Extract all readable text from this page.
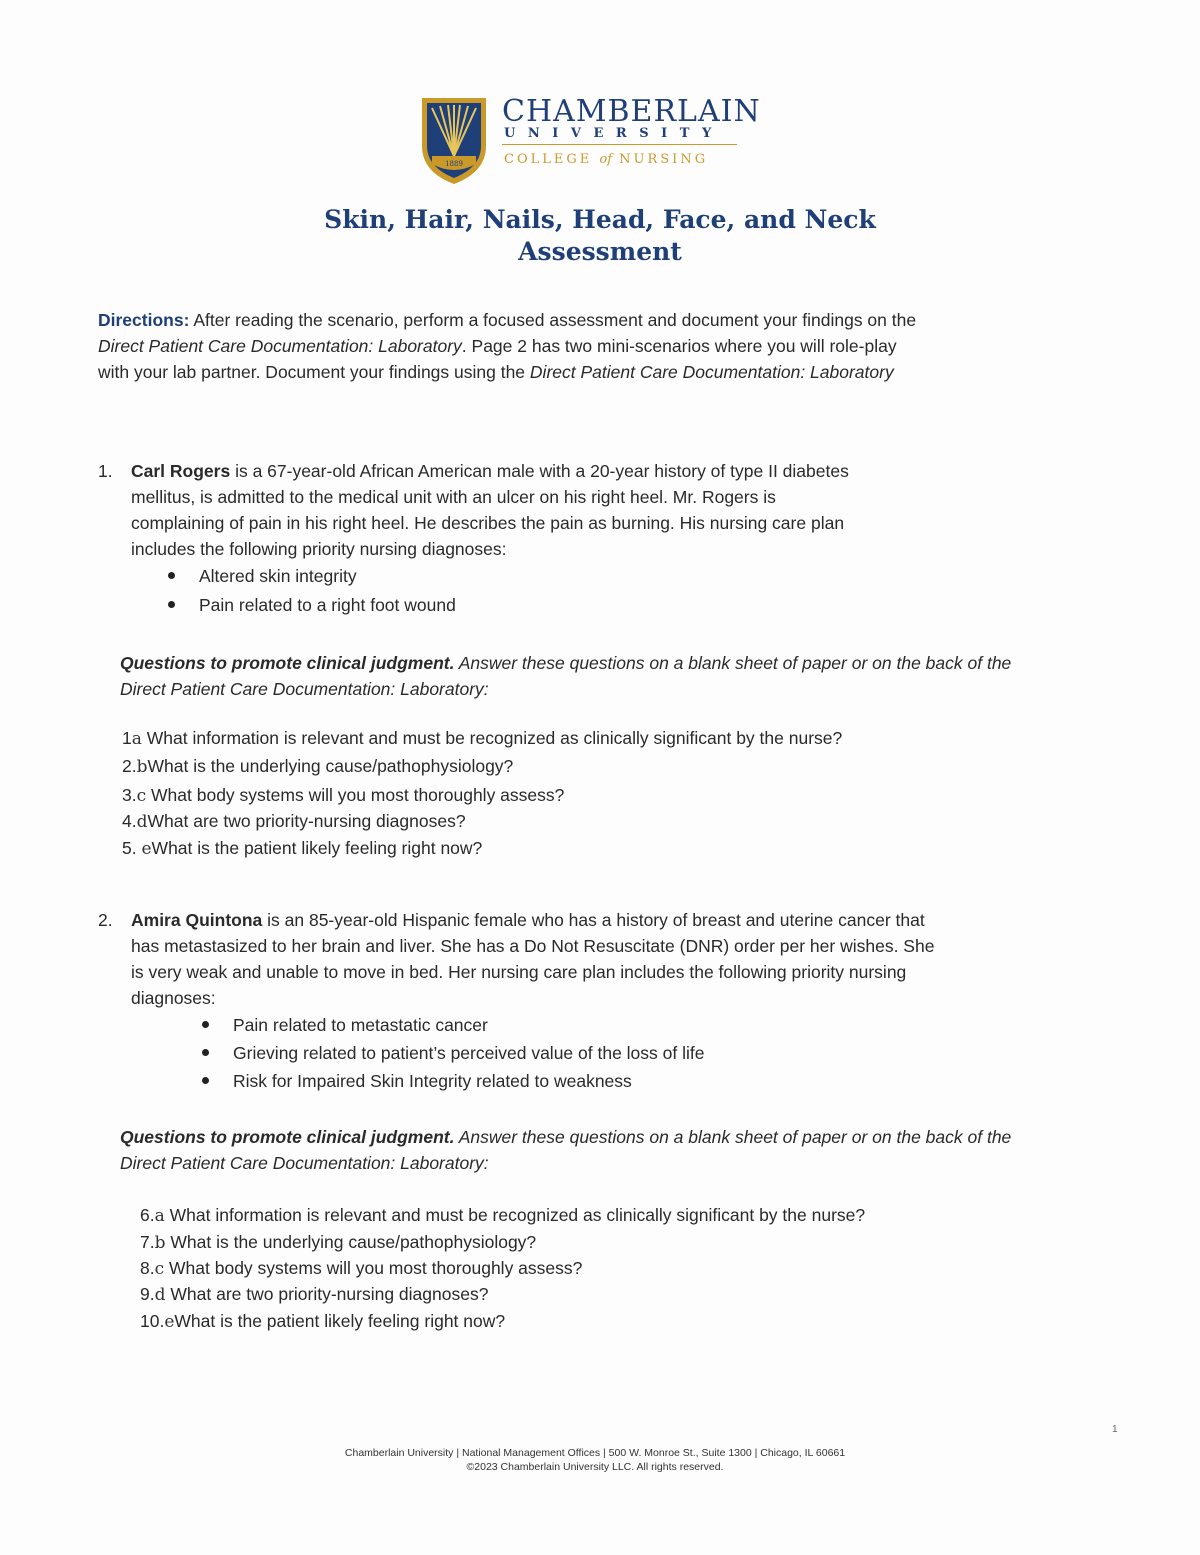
1889
CHAMBERLAIN
U N I V E R S I T Y
COLLEGE of NURSING
Skin, Hair, Nails, Head, Face, and Neck
Assessment
Directions: After reading the scenario, perform a focused assessment and document your findings on the
Direct Patient Care Documentation: Laboratory. Page 2 has two mini-scenarios where you will role-play
with your lab partner. Document your findings using the Direct Patient Care Documentation: Laboratory
1. Carl Rogers is a 67-year-old African American male with a 20-year history of type II diabetes
mellitus, is admitted to the medical unit with an ulcer on his right heel. Mr. Rogers is
complaining of pain in his right heel. He describes the pain as burning. His nursing care plan
includes the following priority nursing diagnoses:
Altered skin integrity
Pain related to a right foot wound
Questions to promote clinical judgment. Answer these questions on a blank sheet of paper or on the back of the
Direct Patient Care Documentation: Laboratory:
1a What information is relevant and must be recognized as clinically significant by the nurse?
2.bWhat is the underlying cause/pathophysiology?
3.c What body systems will you most thoroughly assess?
4.dWhat are two priority-nursing diagnoses?
5. eWhat is the patient likely feeling right now?
2. Amira Quintona is an 85-year-old Hispanic female who has a history of breast and uterine cancer that
has metastasized to her brain and liver. She has a Do Not Resuscitate (DNR) order per her wishes. She
is very weak and unable to move in bed. Her nursing care plan includes the following priority nursing
diagnoses:
Pain related to metastatic cancer
Grieving related to patient’s perceived value of the loss of life
Risk for Impaired Skin Integrity related to weakness
Questions to promote clinical judgment. Answer these questions on a blank sheet of paper or on the back of the
Direct Patient Care Documentation: Laboratory:
6.a What information is relevant and must be recognized as clinically significant by the nurse?
7.b What is the underlying cause/pathophysiology?
8.c What body systems will you most thoroughly assess?
9.d What are two priority-nursing diagnoses?
10.eWhat is the patient likely feeling right now?
1
Chamberlain University | National Management Offices | 500 W. Monroe St., Suite 1300 | Chicago, IL 60661
©2023 Chamberlain University LLC. All rights reserved.
